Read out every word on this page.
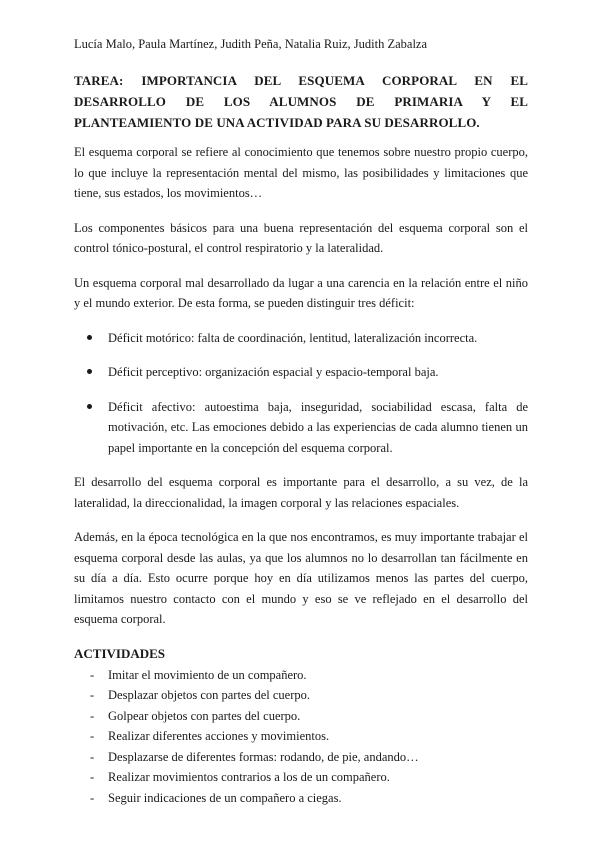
Lucía Malo, Paula Martínez, Judith Peña, Natalia Ruiz, Judith Zabalza
TAREA: IMPORTANCIA DEL ESQUEMA CORPORAL EN EL DESARROLLO DE LOS ALUMNOS DE PRIMARIA Y EL PLANTEAMIENTO DE UNA ACTIVIDAD PARA SU DESARROLLO.

El esquema corporal se refiere al conocimiento que tenemos sobre nuestro propio cuerpo, lo que incluye la representación mental del mismo, las posibilidades y limitaciones que tiene, sus estados, los movimientos…

Los componentes básicos para una buena representación del esquema corporal son el control tónico-postural, el control respiratorio y la lateralidad.

Un esquema corporal mal desarrollado da lugar a una carencia en la relación entre el niño y el mundo exterior. De esta forma, se pueden distinguir tres déficit:

Déficit motórico: falta de coordinación, lentitud, lateralización incorrecta.
Déficit perceptivo: organización espacial y espacio-temporal baja.
Déficit afectivo: autoestima baja, inseguridad, sociabilidad escasa, falta de motivación, etc. Las emociones debido a las experiencias de cada alumno tienen un papel importante en la concepción del esquema corporal.

El desarrollo del esquema corporal es importante para el desarrollo, a su vez, de la lateralidad, la direccionalidad, la imagen corporal y las relaciones espaciales.

Además, en la época tecnológica en la que nos encontramos, es muy importante trabajar el esquema corporal desde las aulas, ya que los alumnos no lo desarrollan tan fácilmente en su día a día. Esto ocurre porque hoy en día utilizamos menos las partes del cuerpo, limitamos nuestro contacto con el mundo y eso se ve reflejado en el desarrollo del esquema corporal.

ACTIVIDADES
- Imitar el movimiento de un compañero.
- Desplazar objetos con partes del cuerpo.
- Golpear objetos con partes del cuerpo.
- Realizar diferentes acciones y movimientos.
- Desplazarse de diferentes formas: rodando, de pie, andando…
- Realizar movimientos contrarios a los de un compañero.
- Seguir indicaciones de un compañero a ciegas.
